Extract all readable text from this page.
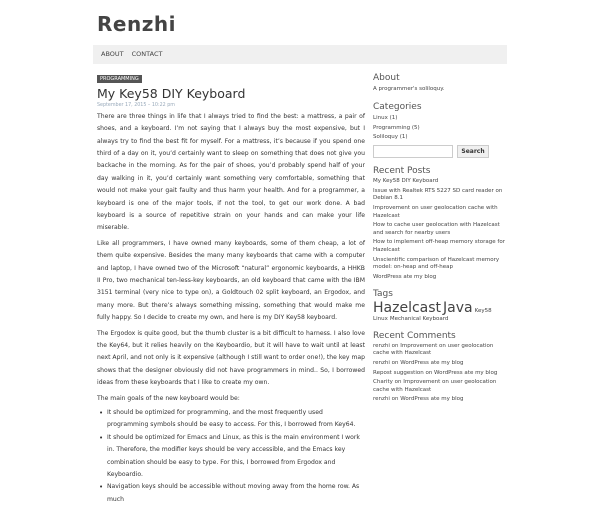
Renzhi
ABOUT CONTACT
PROGRAMMING
My Key58 DIY Keyboard
September 17, 2015 – 10:22 pm

There are three things in life that I always tried to find the best: a mattress, a pair of shoes, and a keyboard. I’m not saying that I always buy the most expensive, but I always try to find the best fit for myself. For a mattress, it’s because if you spend one third of a day on it, you’d certainly want to sleep on something that does not give you backache in the morning. As for the pair of shoes, you’d probably spend half of your day walking in it, you’d certainly want something very comfortable, something that would not make your gait faulty and thus harm your health. And for a programmer, a keyboard is one of the major tools, if not the tool, to get our work done. A bad keyboard is a source of repetitive strain on your hands and can make your life miserable.

Like all programmers, I have owned many keyboards, some of them cheap, a lot of them quite expensive. Besides the many many keyboards that came with a computer and laptop, I have owned two of the Microsoft “natural” ergonomic keyboards, a HHKB II Pro, two mechanical ten-less-key keyboards, an old keyboard that came with the IBM 3151 terminal (very nice to type on), a Goldtouch 02 split keyboard, an Ergodox, and many more. But there’s always something missing, something that would make me fully happy. So I decide to create my own, and here is my DIY Key58 keyboard.

The Ergodox is quite good, but the thumb cluster is a bit difficult to harness. I also love the Key64, but it relies heavily on the Keyboardio, but it will have to wait until at least next April, and not only is it expensive (although I still want to order one!), the key map shows that the designer obviously did not have programmers in mind.. So, I borrowed ideas from these keyboards that I like to create my own.

The main goals of the new keyboard would be:

• It should be optimized for programming, and the most frequently used programming symbols should be easy to access. For this, I borrowed from Key64.
• It should be optimized for Emacs and Linux, as this is the main environment I work in. Therefore, the modifier keys should be very accessible, and the Emacs key combination should be easy to type. For this, I borrowed from Ergodox and Keyboardio.
• Navigation keys should be accessible without moving away from the home row. As much
About
A programmer's soliloquy.
Categories
Linux (1)
Programming (5)
Soliloquy (1)
Search
Recent Posts
My Key58 DIY Keyboard
Issue with Realtek RTS 5227 SD card reader on Debian 8.1
Improvement on user geolocation cache with Hazelcast
How to cache user geolocation with Hazelcast and search for nearby users
How to implement off-heap memory storage for Hazelcast
Unscientific comparison of Hazelcast memory model: on-heap and off-heap
WordPress ate my blog
Tags
Hazelcast Java Key58
Linux Mechanical Keyboard
Recent Comments
renzhi on Improvement on user geolocation cache with Hazelcast
renzhi on WordPress ate my blog
Repost suggestion on WordPress ate my blog
Charity on Improvement on user geolocation cache with Hazelcast
renzhi on WordPress ate my blog
